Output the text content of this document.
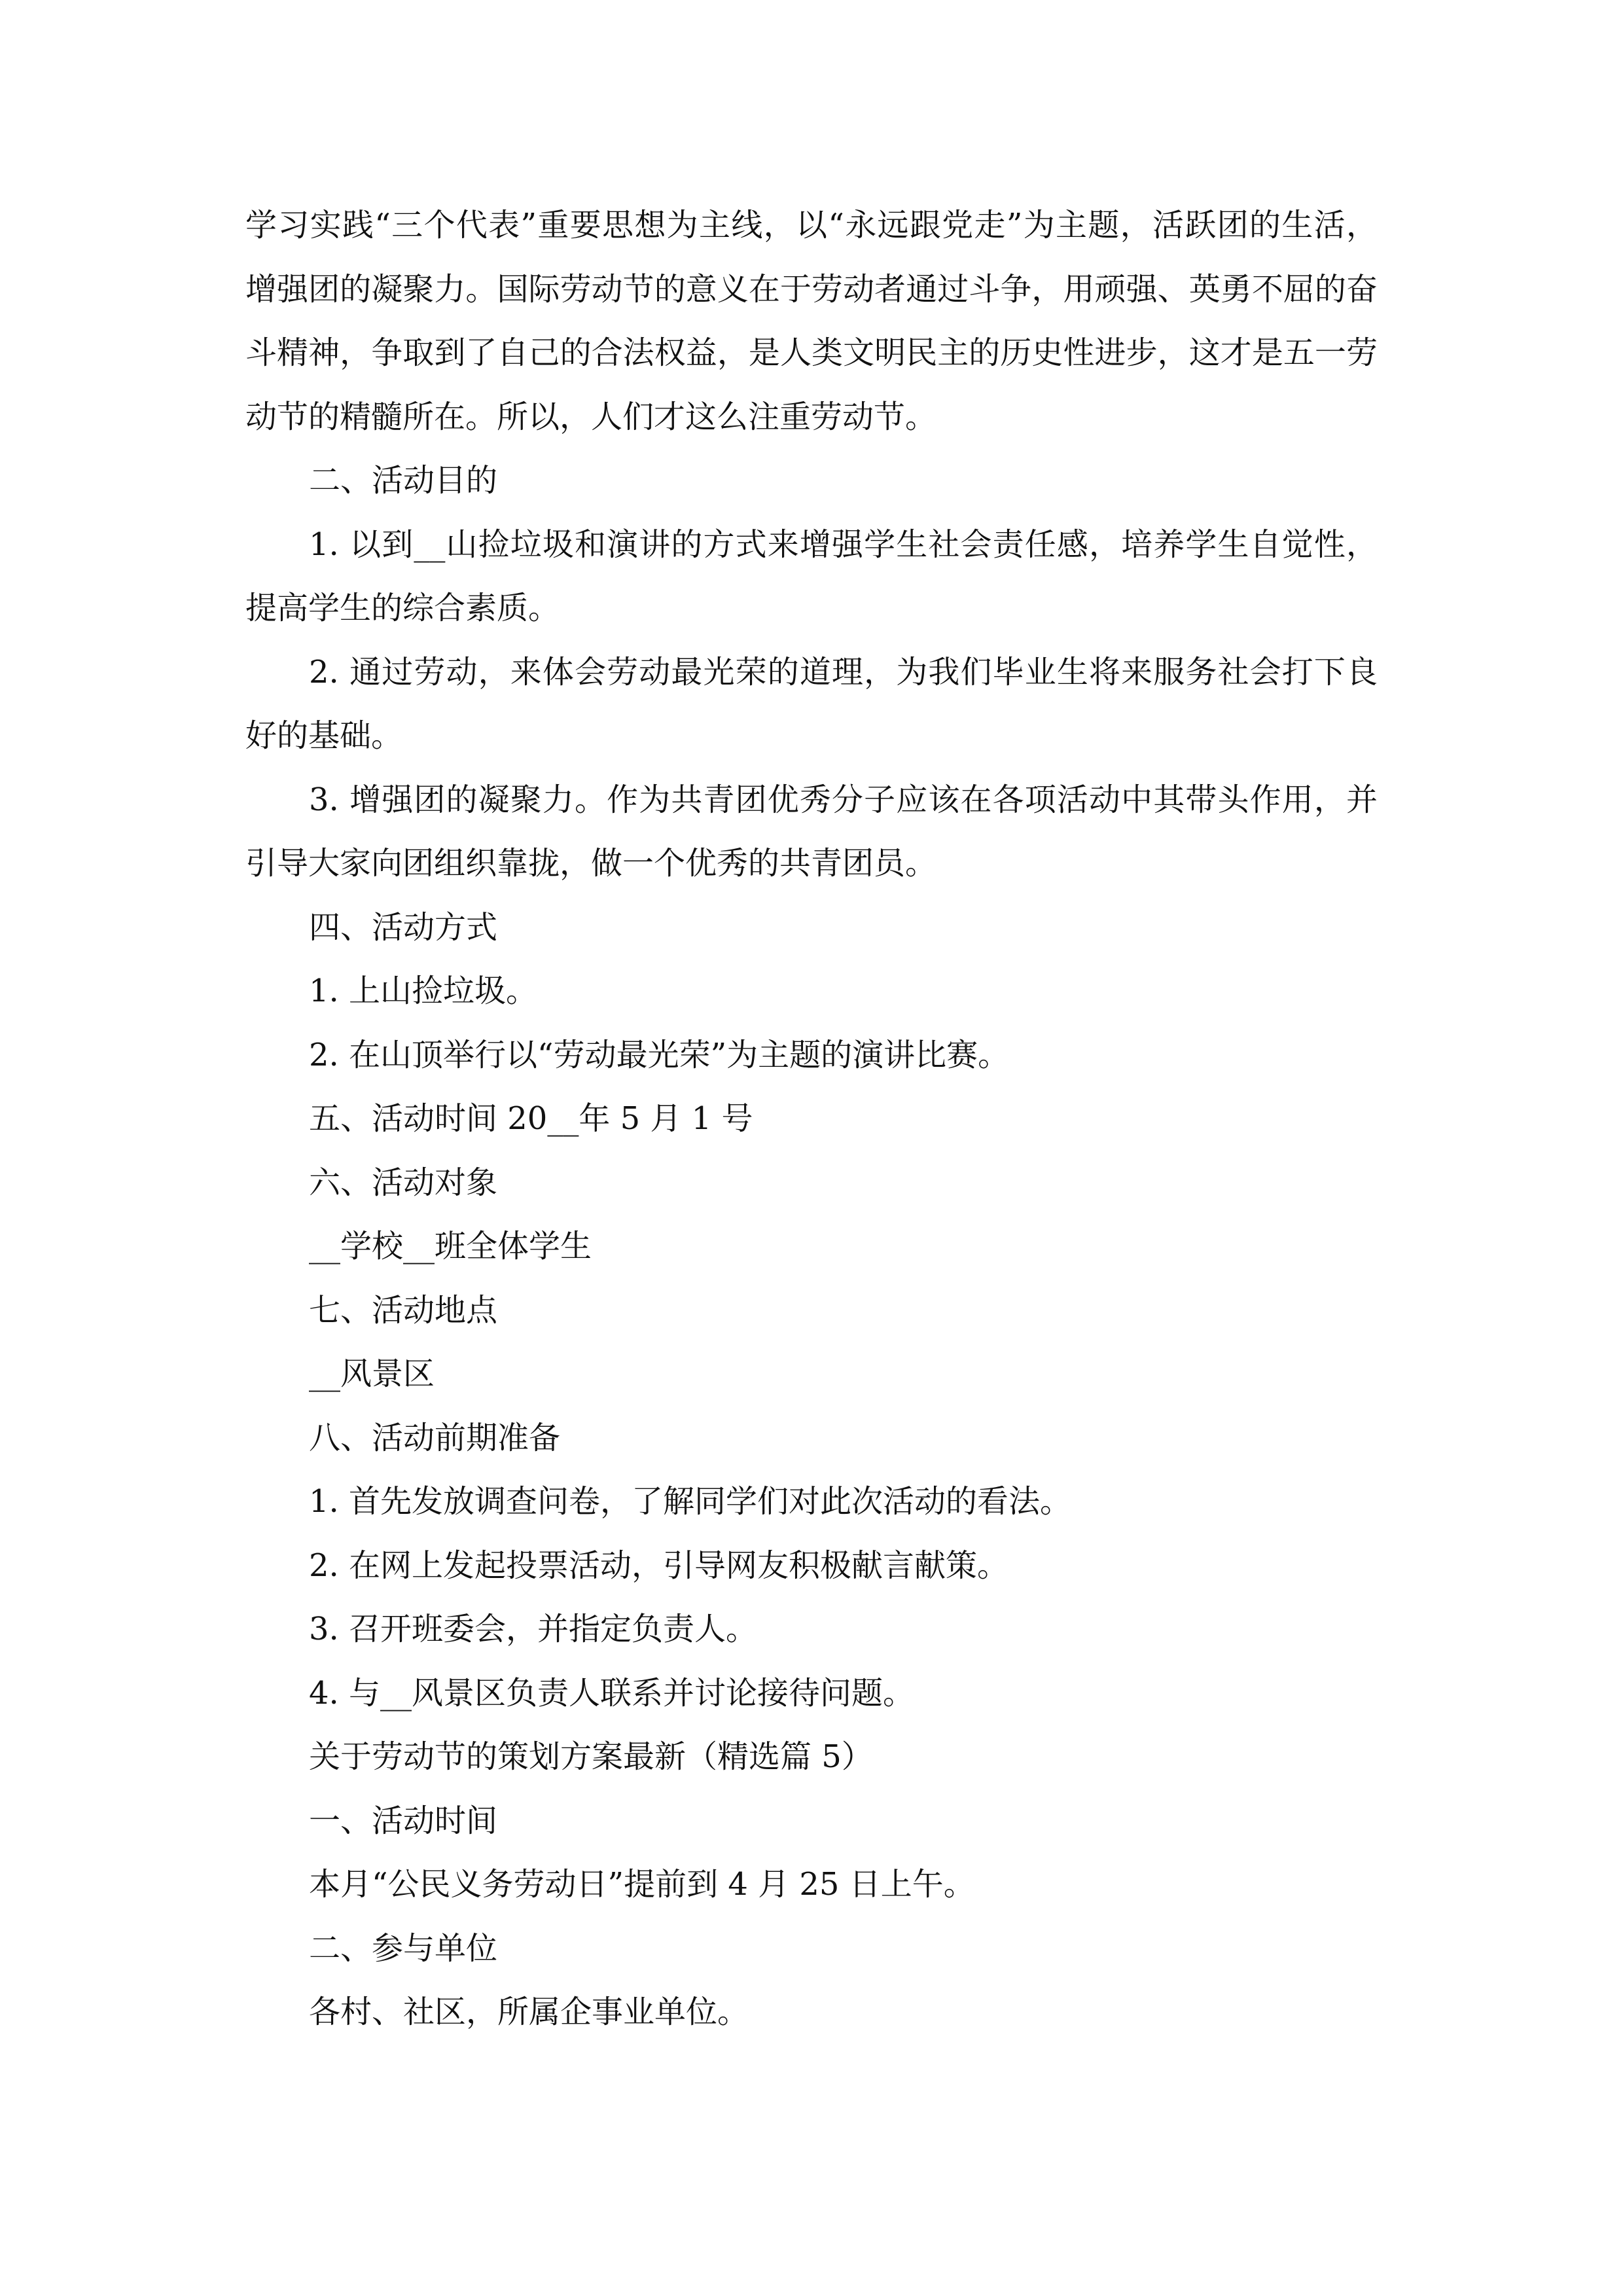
学习实践“三个代表”重要思想为主线，以“永远跟党走”为主题，活跃团的生活，增强团的凝聚力。国际劳动节的意义在于劳动者通过斗争，用顽强、英勇不屈的奋斗精神，争取到了自己的合法权益，是人类文明民主的历史性进步，这才是五一劳动节的精髓所在。所以，人们才这么注重劳动节。

二、活动目的

1. 以到__山捡垃圾和演讲的方式来增强学生社会责任感，培养学生自觉性，提高学生的综合素质。

2. 通过劳动，来体会劳动最光荣的道理，为我们毕业生将来服务社会打下良好的基础。

3. 增强团的凝聚力。作为共青团优秀分子应该在各项活动中其带头作用，并引导大家向团组织靠拢，做一个优秀的共青团员。

四、活动方式

1. 上山捡垃圾。

2. 在山顶举行以“劳动最光荣”为主题的演讲比赛。

五、活动时间 20__年 5 月 1 号

六、活动对象

__学校__班全体学生

七、活动地点

__风景区

八、活动前期准备

1. 首先发放调查问卷，了解同学们对此次活动的看法。

2. 在网上发起投票活动，引导网友积极献言献策。

3. 召开班委会，并指定负责人。

4. 与__风景区负责人联系并讨论接待问题。

关于劳动节的策划方案最新（精选篇 5）

一、活动时间

本月“公民义务劳动日”提前到 4 月 25 日上午。

二、参与单位

各村、社区，所属企事业单位。
